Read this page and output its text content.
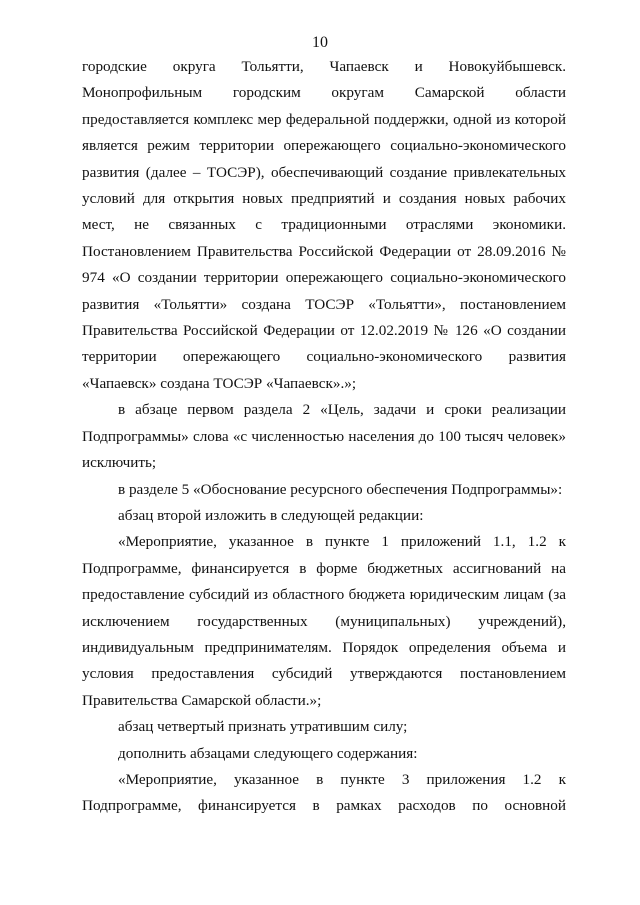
10

городские округа Тольятти, Чапаевск и Новокуйбышевск. Монопрофильным городским округам Самарской области предоставляется комплекс мер федеральной поддержки, одной из которой является режим территории опережающего социально-экономического развития (далее – ТОСЭР), обеспечивающий создание привлекательных условий для открытия новых предприятий и создания новых рабочих мест, не связанных с традиционными отраслями экономики. Постановлением Правительства Российской Федерации от 28.09.2016 № 974 «О создании территории опережающего социально-экономического развития «Тольятти» создана ТОСЭР «Тольятти», постановлением Правительства Российской Федерации от 12.02.2019 № 126 «О создании территории опережающего социально-экономического развития «Чапаевск» создана ТОСЭР «Чапаевск».»;

в абзаце первом раздела 2 «Цель, задачи и сроки реализации Подпрограммы» слова «с численностью населения до 100 тысяч человек» исключить;

в разделе 5 «Обоснование ресурсного обеспечения Подпрограммы»:

абзац второй изложить в следующей редакции:

«Мероприятие, указанное в пункте 1 приложений 1.1, 1.2 к Подпрограмме, финансируется в форме бюджетных ассигнований на предоставление субсидий из областного бюджета юридическим лицам (за исключением государственных (муниципальных) учреждений), индивидуальным предпринимателям. Порядок определения объема и условия предоставления субсидий утверждаются постановлением Правительства Самарской области.»;

абзац четвертый признать утратившим силу;

дополнить абзацами следующего содержания:

«Мероприятие, указанное в пункте 3 приложения 1.2 к Подпрограмме, финансируется в рамках расходов по основной
